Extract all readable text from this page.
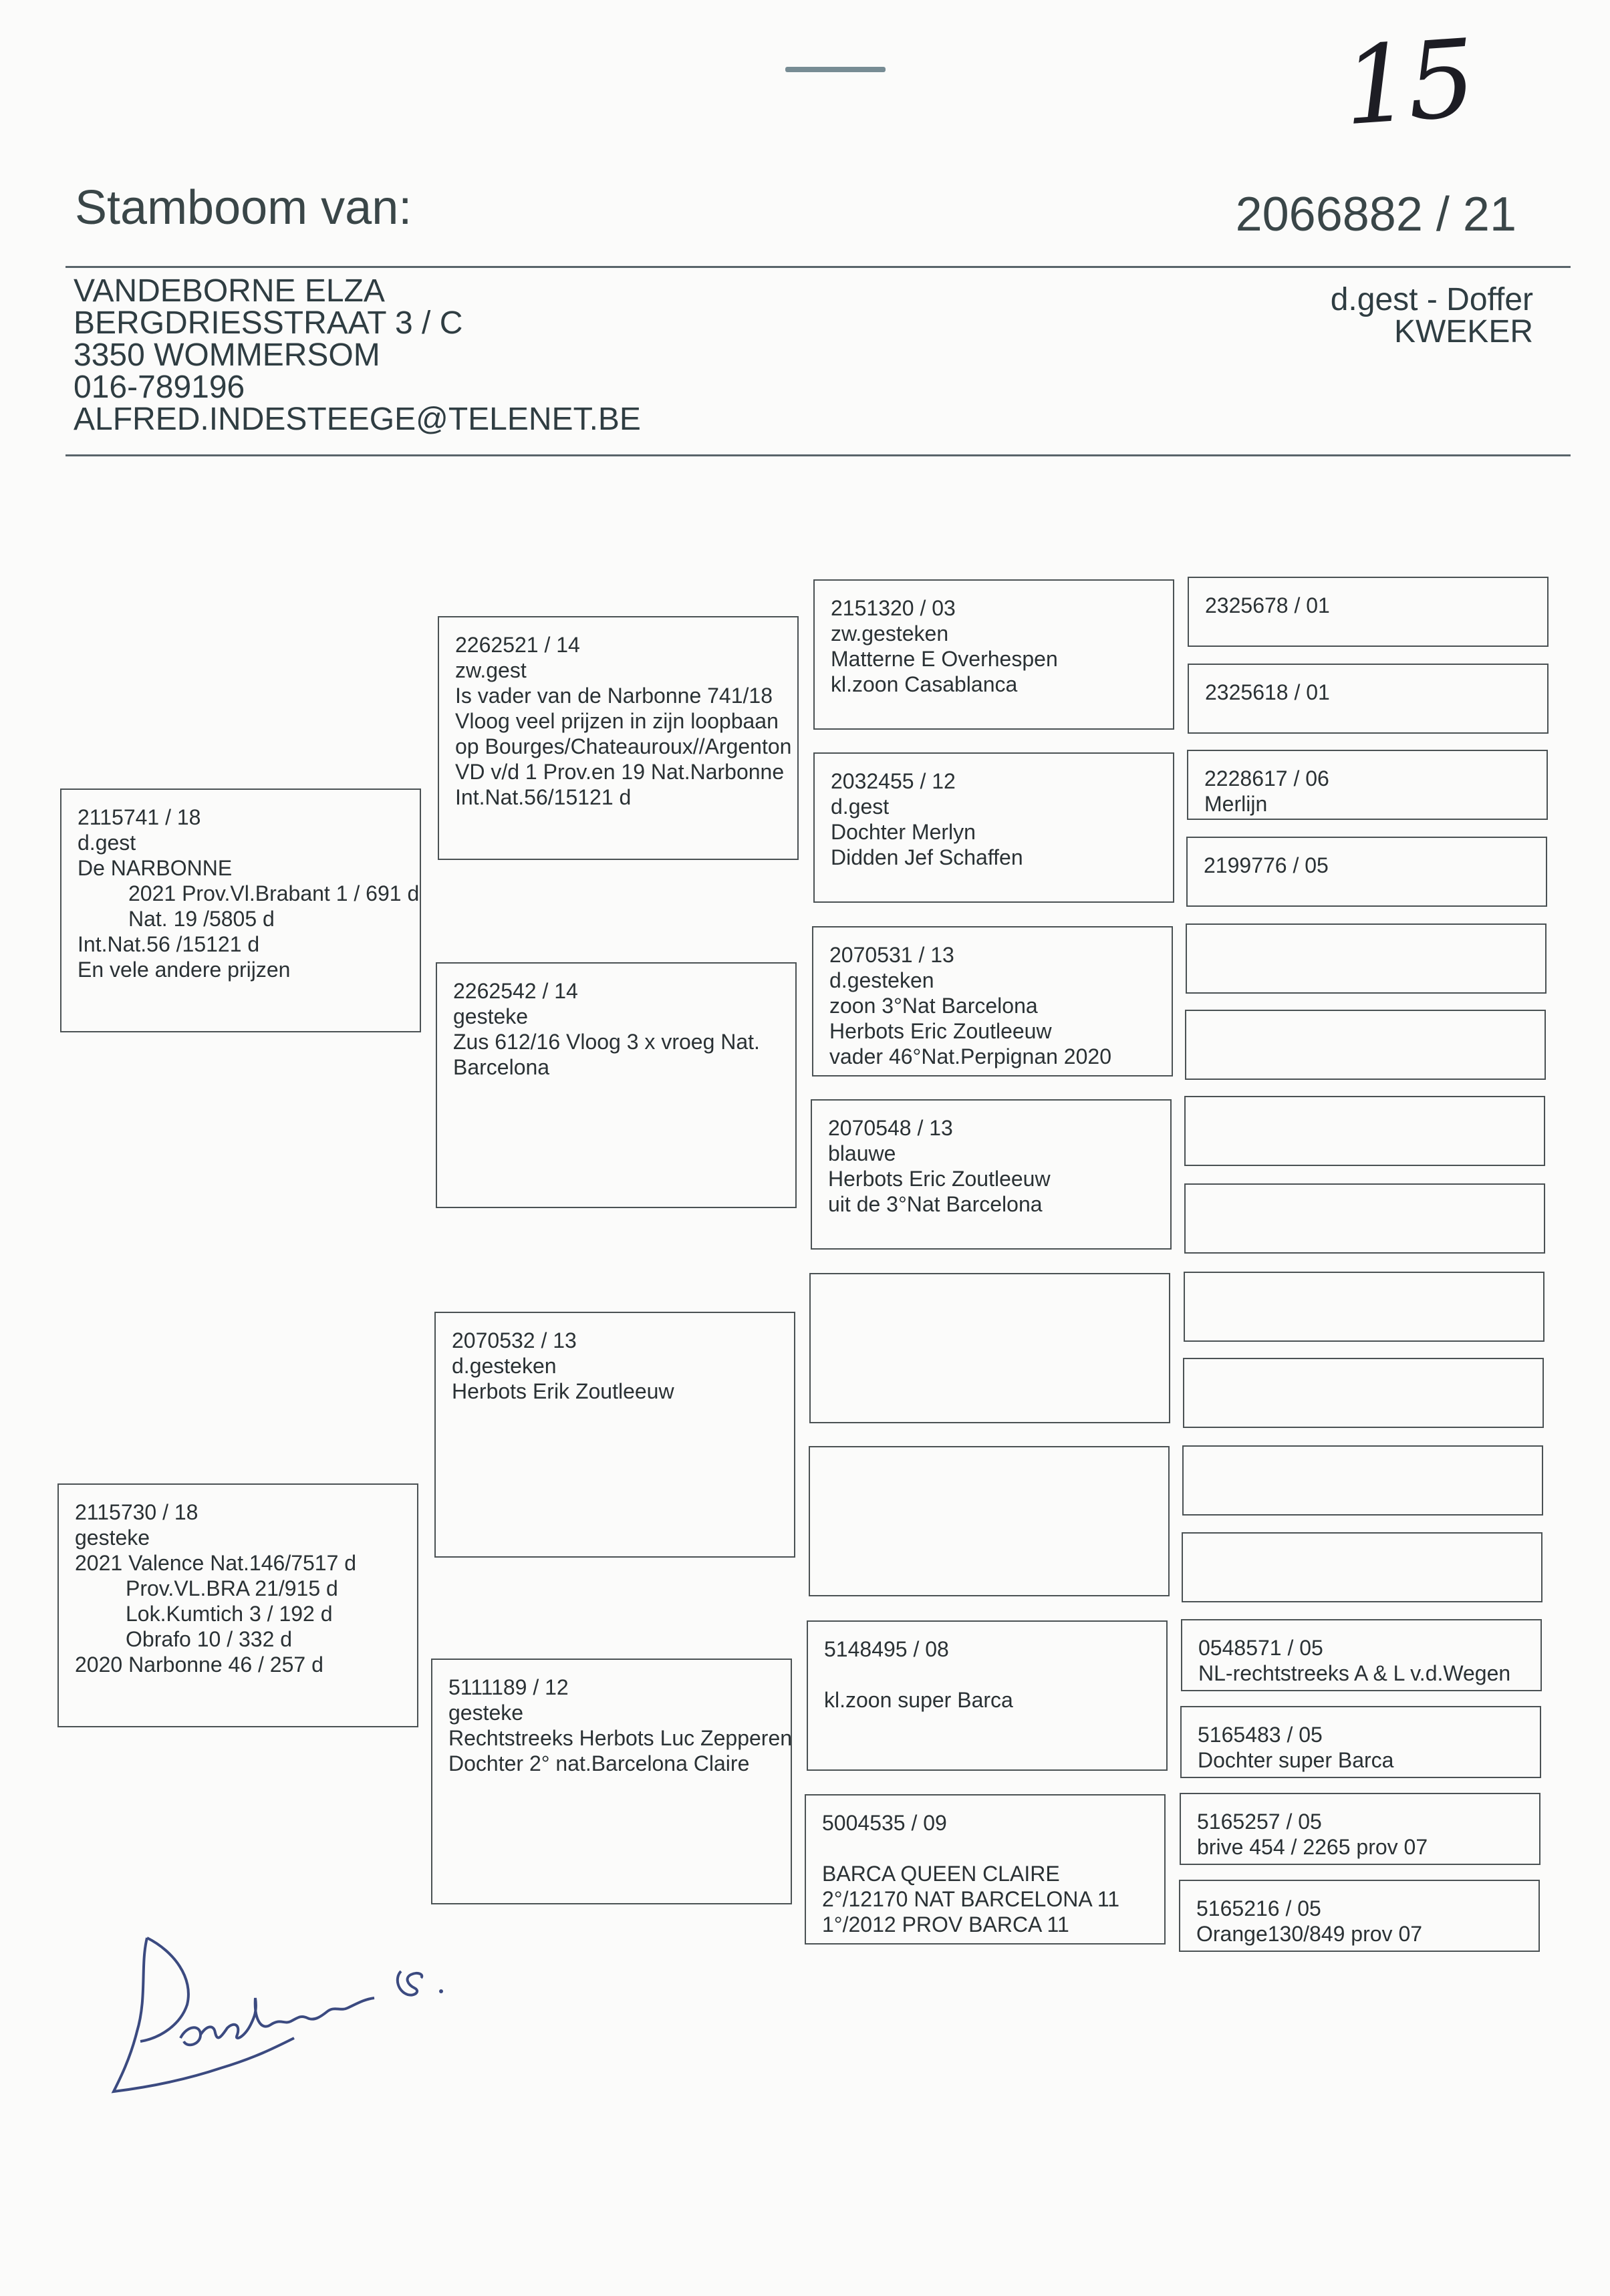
15
Stamboom van:	2066882 / 21
VANDEBORNE ELZA
BERGDRIESSTRAAT 3 / C
3350 WOMMERSOM
016-789196
ALFRED.INDESTEEGE@TELENET.BE
d.gest - Doffer
KWEKER
2115741 / 18
d.gest
De NARBONNE
2021 Prov.Vl.Brabant 1 / 691 d
Nat. 19 /5805 d
Int.Nat.56 /15121 d
En vele andere prijzen
2115730 / 18
gesteke
2021 Valence Nat.146/7517 d
Prov.VL.BRA 21/915 d
Lok.Kumtich 3 / 192 d
Obrafo 10 / 332 d
2020 Narbonne 46 / 257 d
2262521 / 14
zw.gest
Is vader van de Narbonne 741/18
Vloog veel prijzen in zijn loopbaan
op Bourges/Chateauroux//Argenton
VD v/d 1 Prov.en 19 Nat.Narbonne
Int.Nat.56/15121 d
2262542 / 14
gesteke
Zus 612/16 Vloog 3 x vroeg Nat.
Barcelona
2070532 / 13
d.gesteken
Herbots Erik Zoutleeuw
5111189 / 12
gesteke
Rechtstreeks Herbots Luc Zepperen
Dochter 2° nat.Barcelona Claire
2151320 / 03
zw.gesteken
Matterne E Overhespen
kl.zoon Casablanca
2032455 / 12
d.gest
Dochter Merlyn
Didden Jef Schaffen
2070531 / 13
d.gesteken
zoon 3°Nat Barcelona
Herbots Eric Zoutleeuw
vader 46°Nat.Perpignan 2020
2070548 / 13
blauwe
Herbots Eric Zoutleeuw
uit de 3°Nat Barcelona
5148495 / 08
kl.zoon super Barca
5004535 / 09
BARCA QUEEN CLAIRE
2°/12170 NAT BARCELONA 11
1°/2012 PROV BARCA 11
2325678 / 01
2325618 / 01
2228617 / 06
Merlijn
2199776 / 05
0548571 / 05
NL-rechtstreeks A & L v.d.Wegen
5165483 / 05
Dochter super Barca
5165257 / 05
brive 454 / 2265 prov 07
5165216 / 05
Orange130/849 prov 07
